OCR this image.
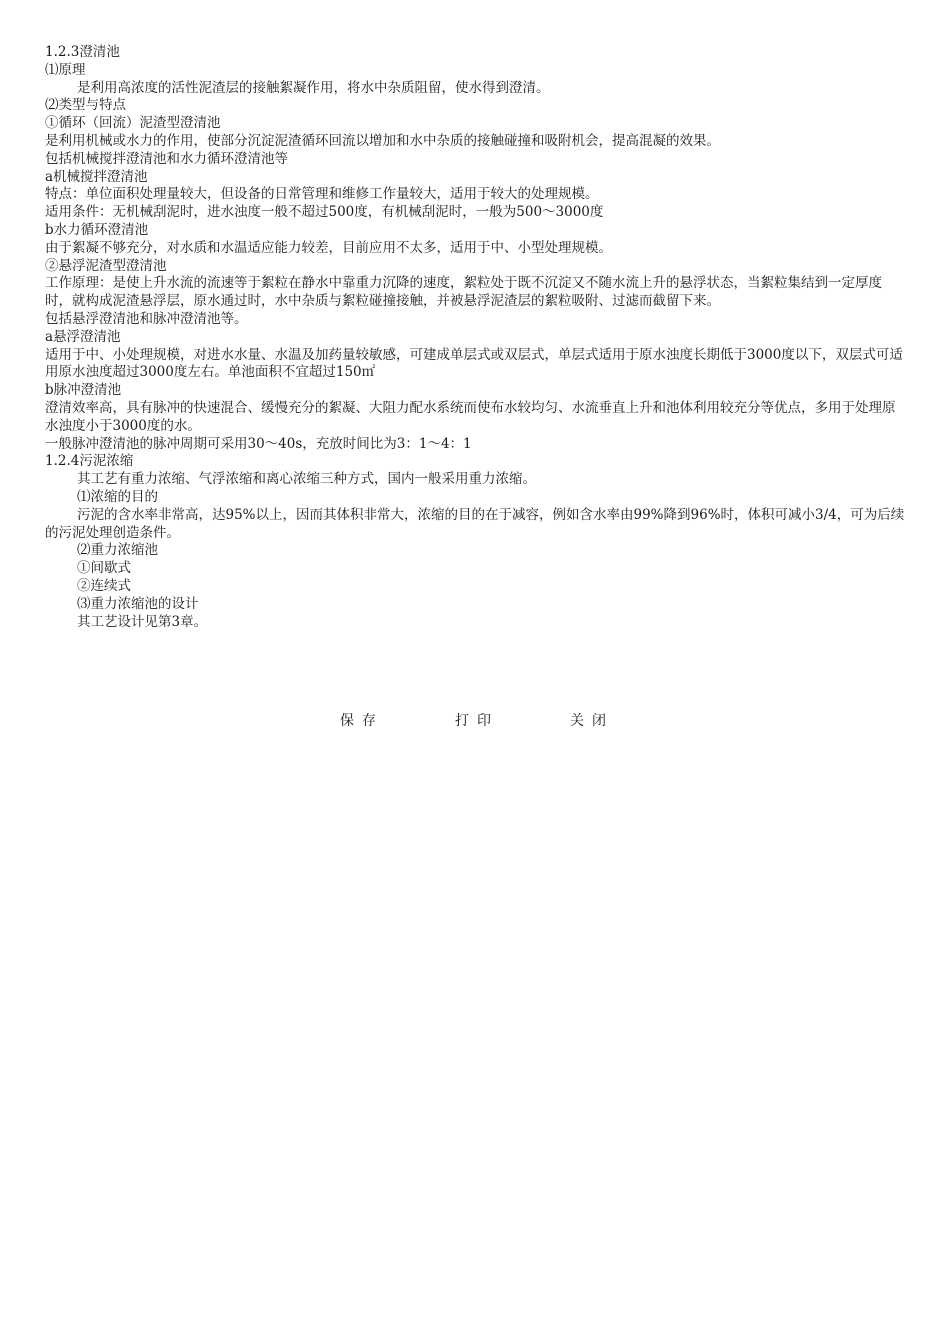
1.2.3澄清池
⑴原理
是利用高浓度的活性泥渣层的接触絮凝作用，将水中杂质阻留，使水得到澄清。
⑵类型与特点
①循环（回流）泥渣型澄清池
是利用机械或水力的作用，使部分沉淀泥渣循环回流以增加和水中杂质的接触碰撞和吸附机会，提高混凝的效果。
包括机械搅拌澄清池和水力循环澄清池等
a机械搅拌澄清池
特点：单位面积处理量较大，但设备的日常管理和维修工作量较大，适用于较大的处理规模。
适用条件：无机械刮泥时，进水浊度一般不超过500度，有机械刮泥时，一般为500～3000度
b水力循环澄清池
由于絮凝不够充分，对水质和水温适应能力较差，目前应用不太多，适用于中、小型处理规模。
②悬浮泥渣型澄清池
工作原理：是使上升水流的流速等于絮粒在静水中靠重力沉降的速度，絮粒处于既不沉淀又不随水流上升的悬浮状态，当絮粒集结到一定厚度时，就构成泥渣悬浮层，原水通过时，水中杂质与絮粒碰撞接触，并被悬浮泥渣层的絮粒吸附、过滤而截留下来。
包括悬浮澄清池和脉冲澄清池等。
a悬浮澄清池
适用于中、小处理规模，对进水水量、水温及加药量较敏感，可建成单层式或双层式，单层式适用于原水浊度长期低于3000度以下，双层式可适用原水浊度超过3000度左右。单池面积不宜超过150㎡
b脉冲澄清池
澄清效率高，具有脉冲的快速混合、缓慢充分的絮凝、大阻力配水系统而使布水较均匀、水流垂直上升和池体利用较充分等优点，多用于处理原水浊度小于3000度的水。
一般脉冲澄清池的脉冲周期可采用30～40s，充放时间比为3：1～4：1
1.2.4污泥浓缩
其工艺有重力浓缩、气浮浓缩和离心浓缩三种方式，国内一般采用重力浓缩。
⑴浓缩的目的
污泥的含水率非常高，达95%以上，因而其体积非常大，浓缩的目的在于减容，例如含水率由99%降到96%时，体积可减小3/4，可为后续的污泥处理创造条件。
⑵重力浓缩池
①间歇式
②连续式
⑶重力浓缩池的设计
其工艺设计见第3章。
保存	打印	关闭
